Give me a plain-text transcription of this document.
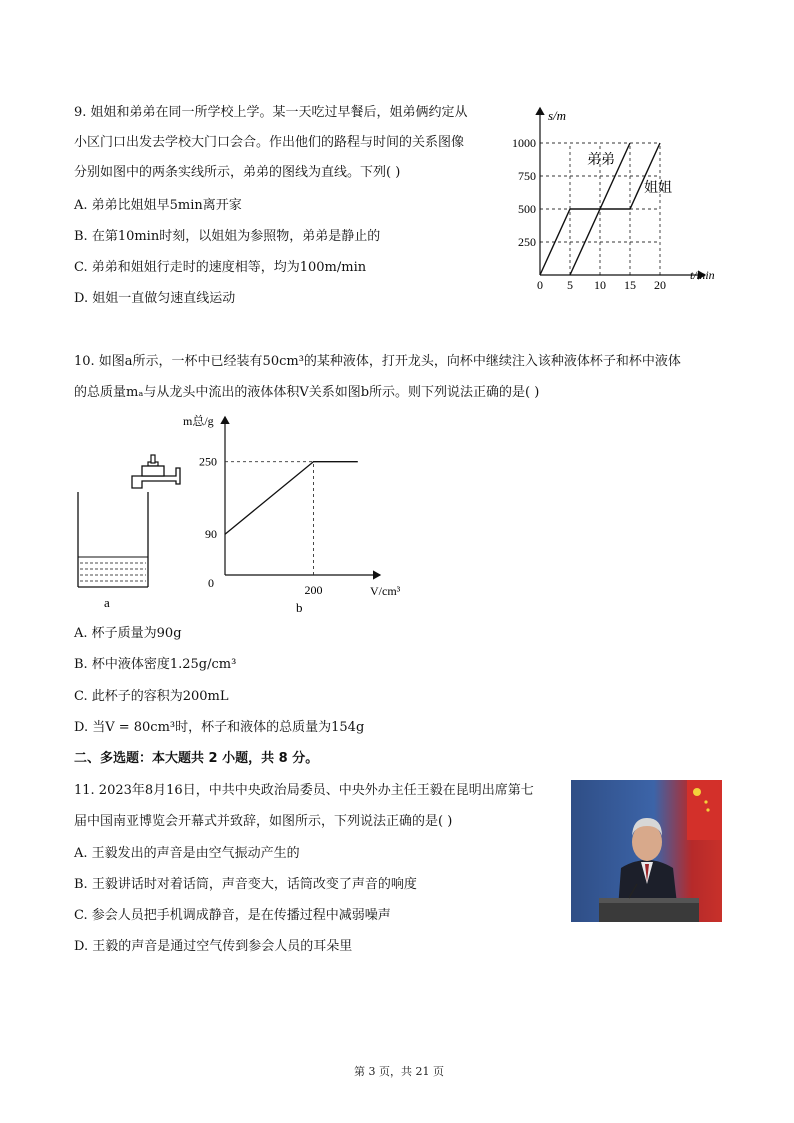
9. 姐姐和弟弟在同一所学校上学。某一天吃过早餐后，姐弟俩约定从
小区门口出发去学校大门口会合。作出他们的路程与时间的关系图像
分别如图中的两条实线所示，弟弟的图线为直线。下列( )
A. 弟弟比姐姐早5min离开家
B. 在第10min时刻，以姐姐为参照物，弟弟是静止的
C. 弟弟和姐姐行走时的速度相等，均为100m/min
D. 姐姐一直做匀速直线运动
250
500
750
1000
0 5 10 15 20
s/m
t/min
弟弟
姐姐
10. 如图a所示，一杯中已经装有50cm³的某种液体，打开龙头，向杯中继续注入该种液体杯子和杯中液体
的总质量mₐ与从龙头中流出的液体体积V关系如图b所示。则下列说法正确的是( )
a
90
250
200
m总/g
V/cm³
0
b
A. 杯子质量为90g
B. 杯中液体密度1.25g/cm³
C. 此杯子的容积为200mL
D. 当V = 80cm³时，杯子和液体的总质量为154g
二、多选题：本大题共 2 小题，共 8 分。
11. 2023年8月16日，中共中央政治局委员、中央外办主任王毅在昆明出席第七
届中国南亚博览会开幕式并致辞，如图所示，下列说法正确的是( )
A. 王毅发出的声音是由空气振动产生的
B. 王毅讲话时对着话筒，声音变大，话筒改变了声音的响度
C. 参会人员把手机调成静音，是在传播过程中减弱噪声
D. 王毅的声音是通过空气传到参会人员的耳朵里
第 3 页，共 21 页
